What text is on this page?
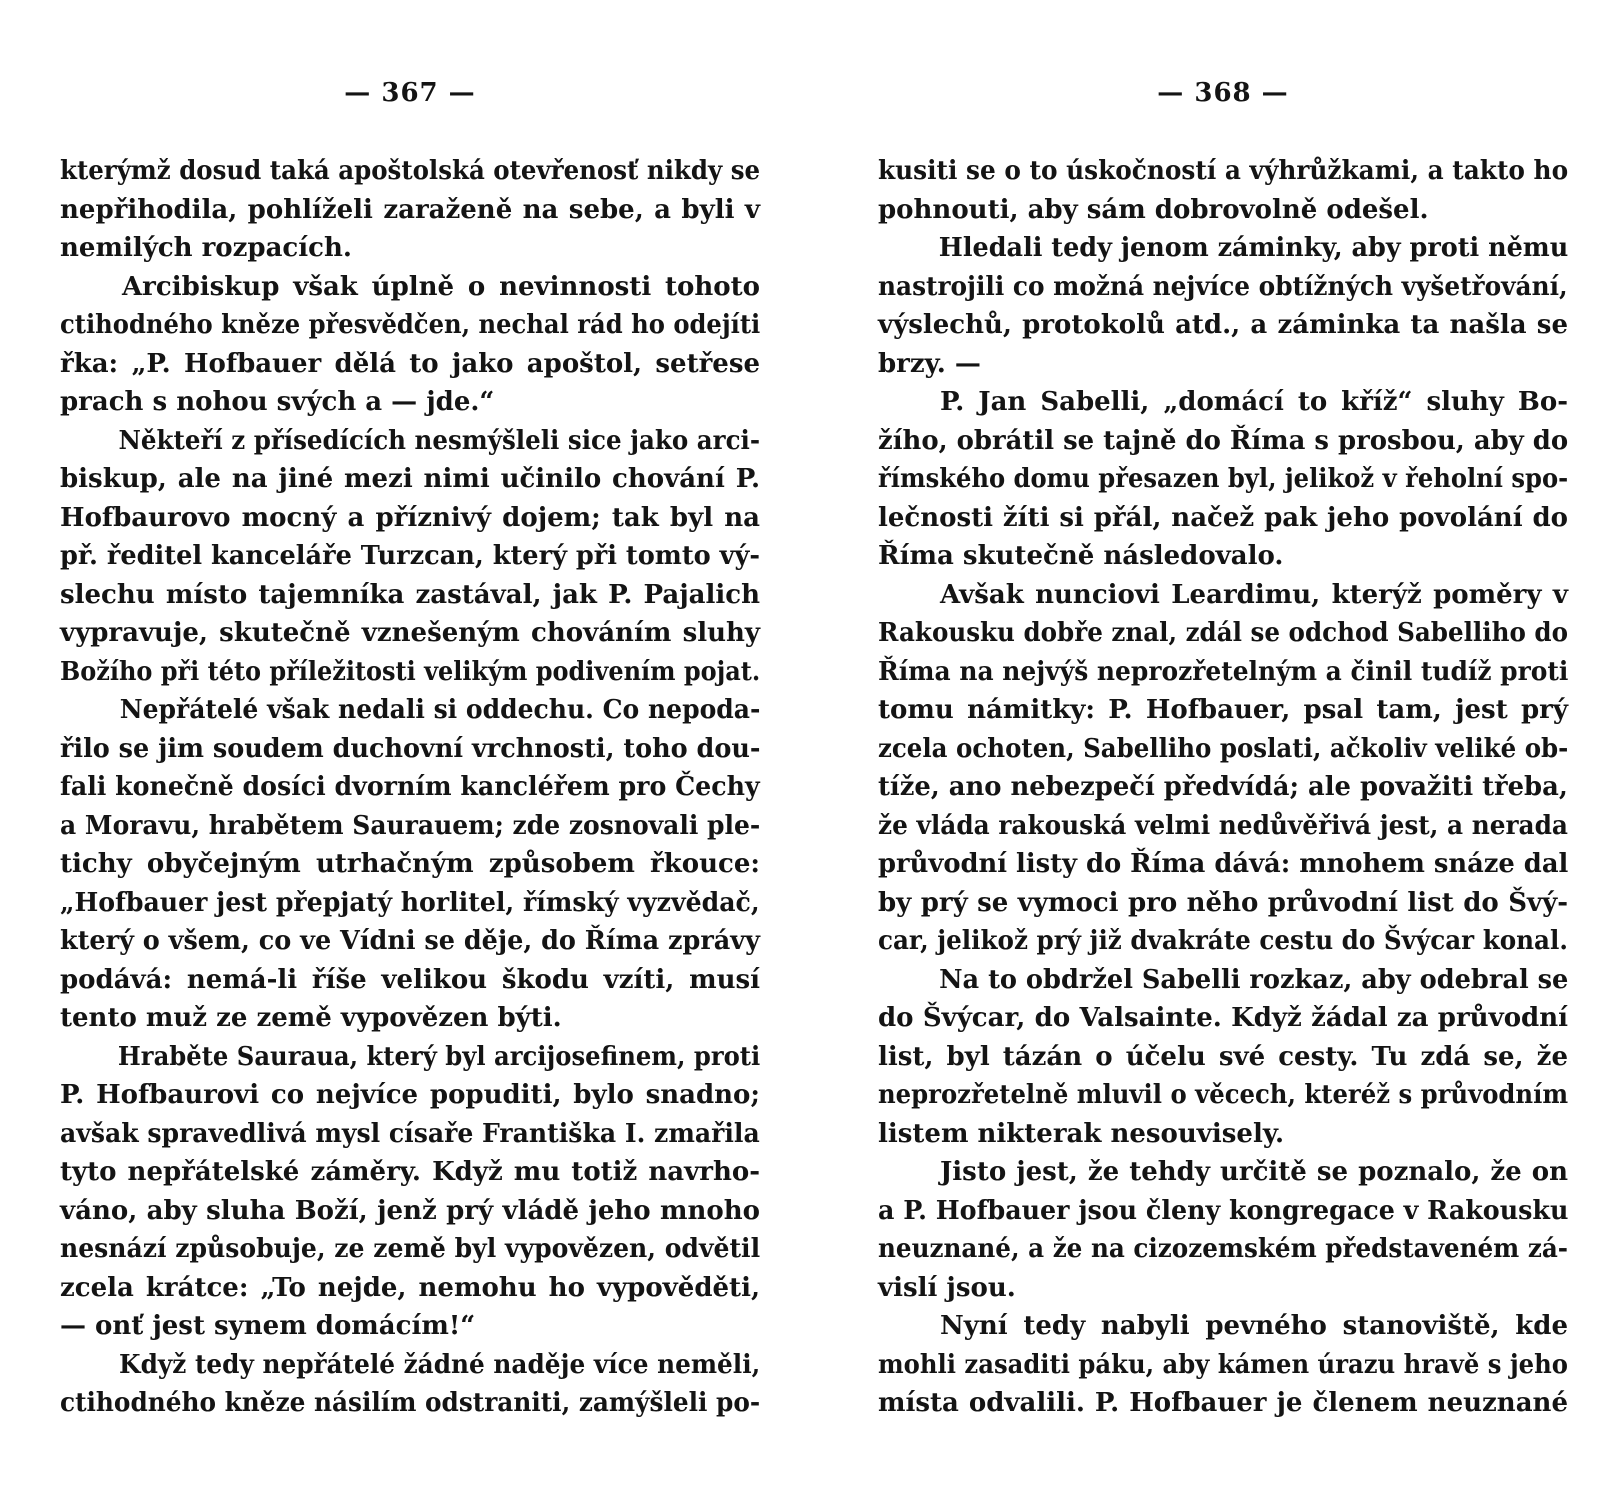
— 367 —
kterýmž dosud taká apoštolská otevřenosť nikdy se
nepřihodila, pohlíželi zaraženě na sebe, a byli v
nemilých rozpacích.
Arcibiskup však úplně o nevinnosti tohoto
ctihodného kněze přesvědčen, nechal rád ho odejíti
řka: „P. Hofbauer dělá to jako apoštol, setřese
prach s nohou svých a — jde.“
Někteří z přísedících nesmýšleli sice jako arci-
biskup, ale na jiné mezi nimi učinilo chování P.
Hofbaurovo mocný a příznivý dojem; tak byl na
př. ředitel kanceláře Turzcan, který při tomto vý-
slechu místo tajemníka zastával, jak P. Pajalich
vypravuje, skutečně vznešeným chováním sluhy
Božího při této příležitosti velikým podivením pojat.
Nepřátelé však nedali si oddechu. Co nepoda-
řilo se jim soudem duchovní vrchnosti, toho dou-
fali konečně dosíci dvorním kancléřem pro Čechy
a Moravu, hrabětem Saurauem; zde zosnovali ple-
tichy obyčejným utrhačným způsobem řkouce:
„Hofbauer jest přepjatý horlitel, římský vyzvědač,
který o všem, co ve Vídni se děje, do Říma zprávy
podává: nemá-li říše velikou škodu vzíti, musí
tento muž ze země vypovězen býti.
Hraběte Sauraua, který byl arcijosefinem, proti
P. Hofbaurovi co nejvíce popuditi, bylo snadno;
avšak spravedlivá mysl císaře Františka I. zmařila
tyto nepřátelské záměry. Když mu totiž navrho-
váno, aby sluha Boží, jenž prý vládě jeho mnoho
nesnází způsobuje, ze země byl vypovězen, odvětil
zcela krátce: „To nejde, nemohu ho vypověděti,
— onť jest synem domácím!“
Když tedy nepřátelé žádné naděje více neměli,
ctihodného kněze násilím odstraniti, zamýšleli po-
— 368 —
kusiti se o to úskočností a výhrůžkami, a takto ho
pohnouti, aby sám dobrovolně odešel.
Hledali tedy jenom záminky, aby proti němu
nastrojili co možná nejvíce obtížných vyšetřování,
výslechů, protokolů atd., a záminka ta našla se
brzy. —
P. Jan Sabelli, „domácí to kříž“ sluhy Bo-
žího, obrátil se tajně do Říma s prosbou, aby do
římského domu přesazen byl, jelikož v řeholní spo-
lečnosti žíti si přál, načež pak jeho povolání do
Říma skutečně následovalo.
Avšak nunciovi Leardimu, kterýž poměry v
Rakousku dobře znal, zdál se odchod Sabelliho do
Říma na nejvýš neprozřetelným a činil tudíž proti
tomu námitky: P. Hofbauer, psal tam, jest prý
zcela ochoten, Sabelliho poslati, ačkoliv veliké ob-
tíže, ano nebezpečí předvídá; ale považiti třeba,
že vláda rakouská velmi nedůvěřivá jest, a nerada
průvodní listy do Říma dává: mnohem snáze dal
by prý se vymoci pro něho průvodní list do Švý-
car, jelikož prý již dvakráte cestu do Švýcar konal.
Na to obdržel Sabelli rozkaz, aby odebral se
do Švýcar, do Valsainte. Když žádal za průvodní
list, byl tázán o účelu své cesty. Tu zdá se, že
neprozřetelně mluvil o věcech, kteréž s průvodním
listem nikterak nesouvisely.
Jisto jest, že tehdy určitě se poznalo, že on
a P. Hofbauer jsou členy kongregace v Rakousku
neuznané, a že na cizozemském představeném zá-
vislí jsou.
Nyní tedy nabyli pevného stanoviště, kde
mohli zasaditi páku, aby kámen úrazu hravě s jeho
místa odvalili. P. Hofbauer je členem neuznané
